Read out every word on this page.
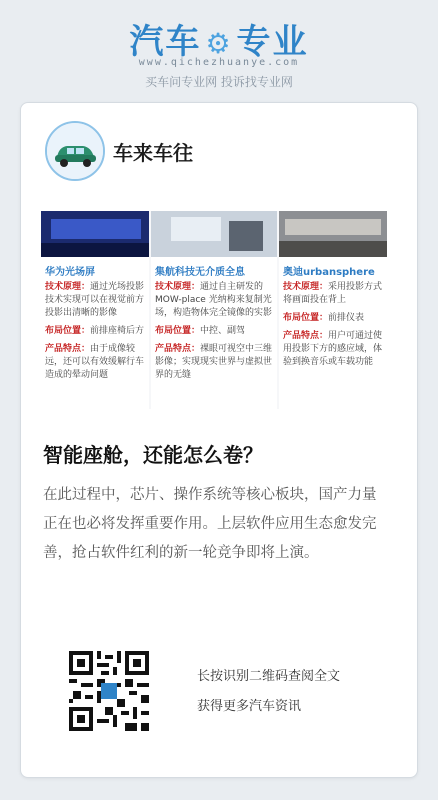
汽车 ⚙ 专业
www.qichezhuanye.com
买车问专业网 投诉找专业网
车来车往
华为光场屏
技术原理：通过光场投影技术实现可以在视觉前方投影出清晰的影像
布局位置：前排座椅后方
产品特点：由于成像较远，还可以有效缓解行车造成的晕动问题
集航科技无介质全息
技术原理：通过自主研发的MOW-place 光纳构来复制光场，构造物体完全镜像的实影
布局位置：中控、副驾
产品特点：裸眼可视空中三维影像；实现现实世界与虚拟世界的无缝
奥迪urbansphere
技术原理：采用投影方式将画面投在背上
布局位置：前排仪表
产品特点：用户可通过使用投影下方的感应域，体验到换音乐或车载功能
智能座舱，还能怎么卷？
在此过程中，芯片、操作系统等核心板块，国产力量正在也必将发挥重要作用。上层软件应用生态愈发完善，抢占软件红利的新一轮竞争即将上演。
长按识别二维码查阅全文
获得更多汽车资讯
